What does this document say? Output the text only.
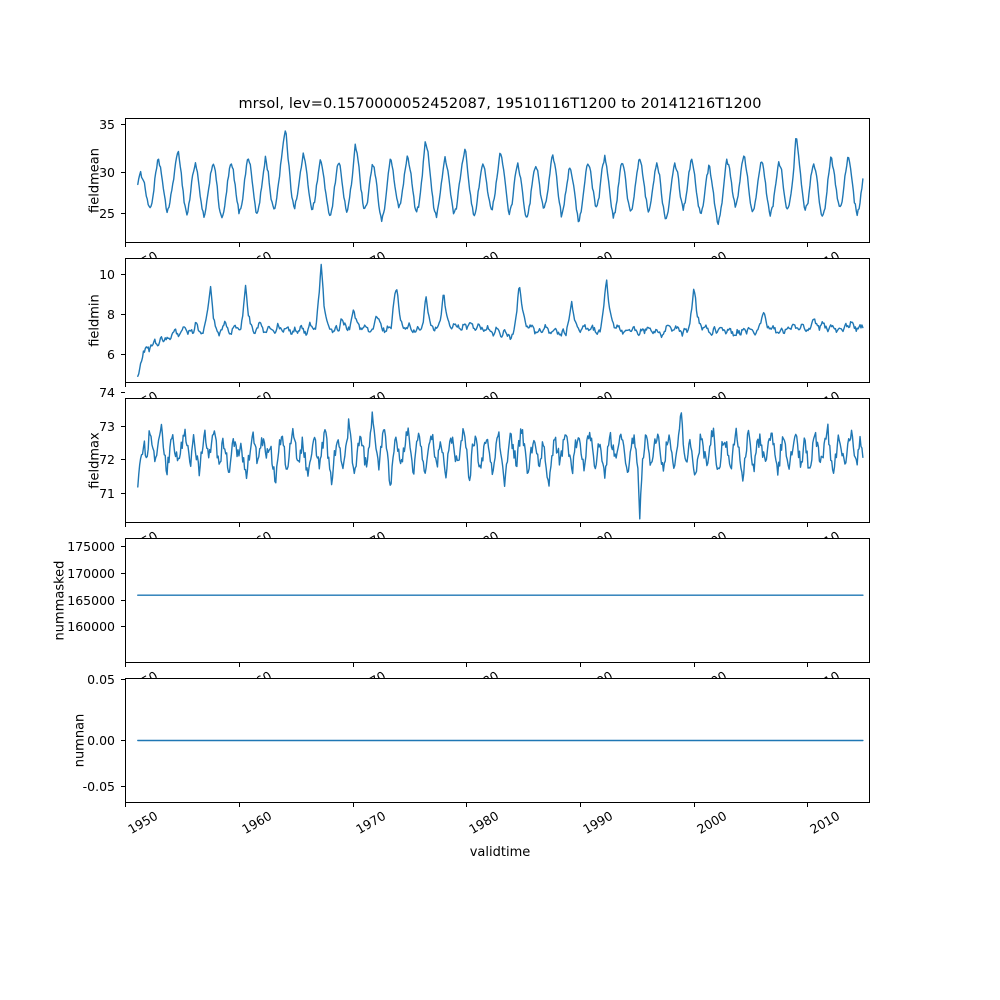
mrsol, lev=0.1570000052452087, 19510116T1200 to 20141216T1200
fieldmean
25
30
35
fieldmin
6
8
10
fieldmax
71
72
73
74
nummasked 160000
165000
170000
175000
numnan
-0.05
0.00
0.05
1950	1960	1970	1980	1990	2000	2010
validtime
